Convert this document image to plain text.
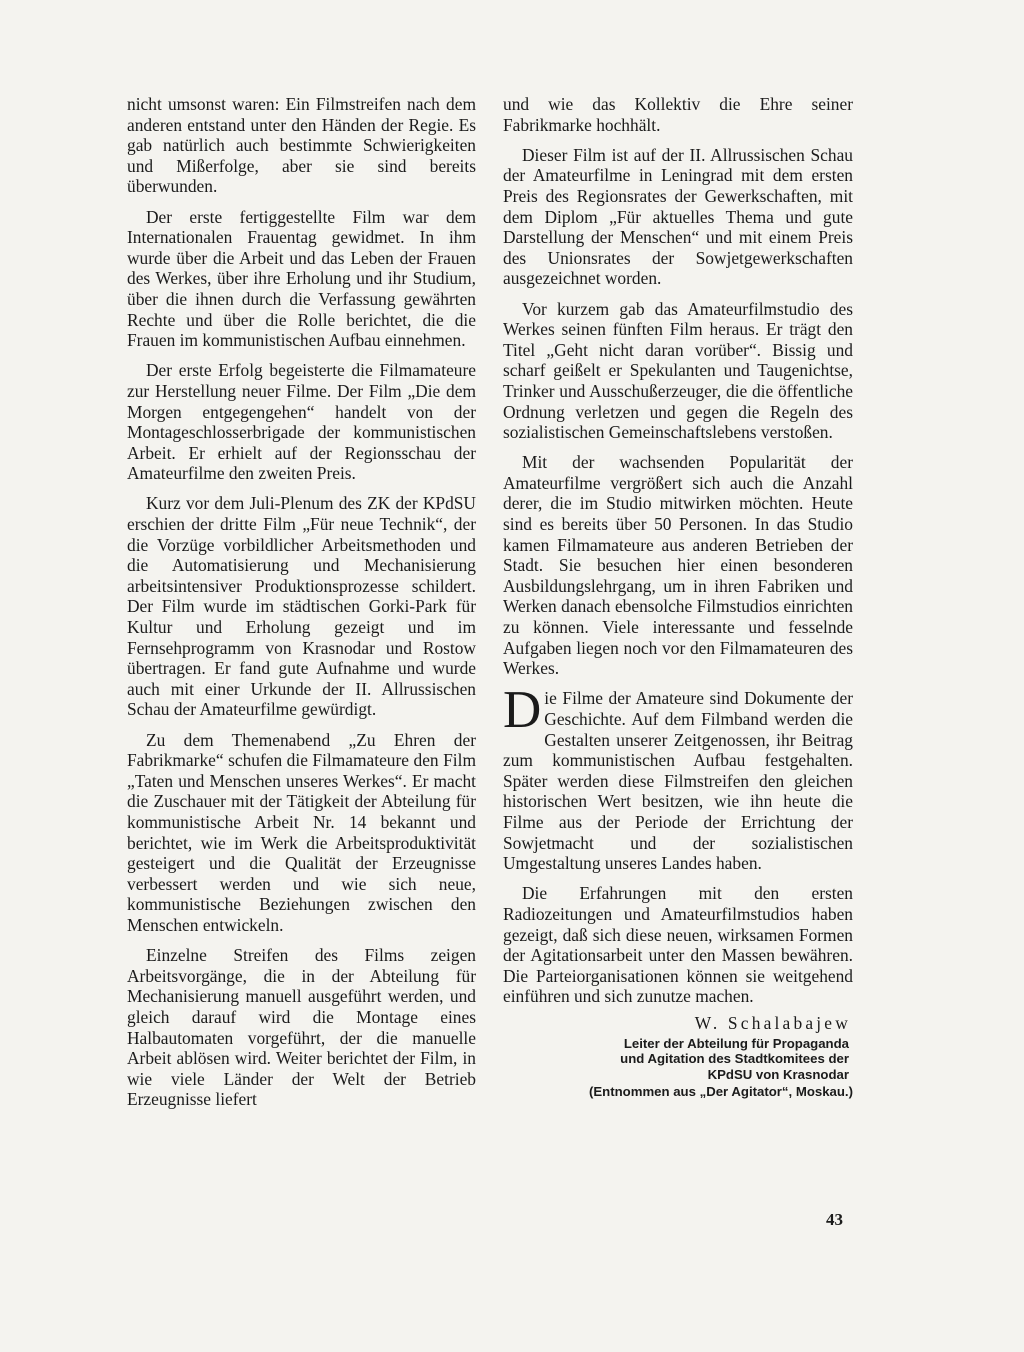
nicht umsonst waren: Ein Filmstreifen nach dem anderen entstand unter den Händen der Regie. Es gab natürlich auch bestimmte Schwierigkeiten und Mißerfolge, aber sie sind bereits überwunden.

Der erste fertiggestellte Film war dem Internationalen Frauentag gewidmet. In ihm wurde über die Arbeit und das Leben der Frauen des Werkes, über ihre Erholung und ihr Studium, über die ihnen durch die Verfassung gewährten Rechte und über die Rolle berichtet, die die Frauen im kommunistischen Aufbau einnehmen.

Der erste Erfolg begeisterte die Filmamateure zur Herstellung neuer Filme. Der Film „Die dem Morgen entgegengehen“ handelt von der Montageschlosserbrigade der kommunistischen Arbeit. Er erhielt auf der Regionsschau der Amateurfilme den zweiten Preis.

Kurz vor dem Juli-Plenum des ZK der KPdSU erschien der dritte Film „Für neue Technik“, der die Vorzüge vorbildlicher Arbeitsmethoden und die Automatisierung und Mechanisierung arbeitsintensiver Produktionsprozesse schildert. Der Film wurde im städtischen Gorki-Park für Kultur und Erholung gezeigt und im Fernsehprogramm von Krasnodar und Rostow übertragen. Er fand gute Aufnahme und wurde auch mit einer Urkunde der II. Allrussischen Schau der Amateurfilme gewürdigt.

Zu dem Themenabend „Zu Ehren der Fabrikmarke“ schufen die Filmamateure den Film „Taten und Menschen unseres Werkes“. Er macht die Zuschauer mit der Tätigkeit der Abteilung für kommunistische Arbeit Nr. 14 bekannt und berichtet, wie im Werk die Arbeitsproduktivität gesteigert und die Qualität der Erzeugnisse verbessert werden und wie sich neue, kommunistische Beziehungen zwischen den Menschen entwickeln.

Einzelne Streifen des Films zeigen Arbeitsvorgänge, die in der Abteilung für Mechanisierung manuell ausgeführt werden, und gleich darauf wird die Montage eines Halbautomaten vorgeführt, der die manuelle Arbeit ablösen wird. Weiter berichtet der Film, in wie viele Länder der Welt der Betrieb Erzeugnisse liefert

und wie das Kollektiv die Ehre seiner Fabrikmarke hochhält.

Dieser Film ist auf der II. Allrussischen Schau der Amateurfilme in Leningrad mit dem ersten Preis des Regionsrates der Gewerkschaften, mit dem Diplom „Für aktuelles Thema und gute Darstellung der Menschen“ und mit einem Preis des Unionsrates der Sowjetgewerkschaften ausgezeichnet worden.

Vor kurzem gab das Amateurfilmstudio des Werkes seinen fünften Film heraus. Er trägt den Titel „Geht nicht daran vorüber“. Bissig und scharf geißelt er Spekulanten und Taugenichtse, Trinker und Ausschußerzeuger, die die öffentliche Ordnung verletzen und gegen die Regeln des sozialistischen Gemeinschaftslebens verstoßen.

Mit der wachsenden Popularität der Amateurfilme vergrößert sich auch die Anzahl derer, die im Studio mitwirken möchten. Heute sind es bereits über 50 Personen. In das Studio kamen Filmamateure aus anderen Betrieben der Stadt. Sie besuchen hier einen besonderen Ausbildungslehrgang, um in ihren Fabriken und Werken danach ebensolche Filmstudios einrichten zu können. Viele interessante und fesselnde Aufgaben liegen noch vor den Filmamateuren des Werkes.

Die Filme der Amateure sind Dokumente der Geschichte. Auf dem Filmband werden die Gestalten unserer Zeitgenossen, ihr Beitrag zum kommunistischen Aufbau festgehalten. Später werden diese Filmstreifen den gleichen historischen Wert besitzen, wie ihn heute die Filme aus der Periode der Errichtung der Sowjetmacht und der sozialistischen Umgestaltung unseres Landes haben.

Die Erfahrungen mit den ersten Radiozeitungen und Amateurfilmstudios haben gezeigt, daß sich diese neuen, wirksamen Formen der Agitationsarbeit unter den Massen bewähren. Die Parteiorganisationen können sie weitgehend einführen und sich zunutze machen.

W. Schalabajew
Leiter der Abteilung für Propaganda
und Agitation des Stadtkomitees der
KPdSU von Krasnodar
(Entnommen aus „Der Agitator“, Moskau.)
43
